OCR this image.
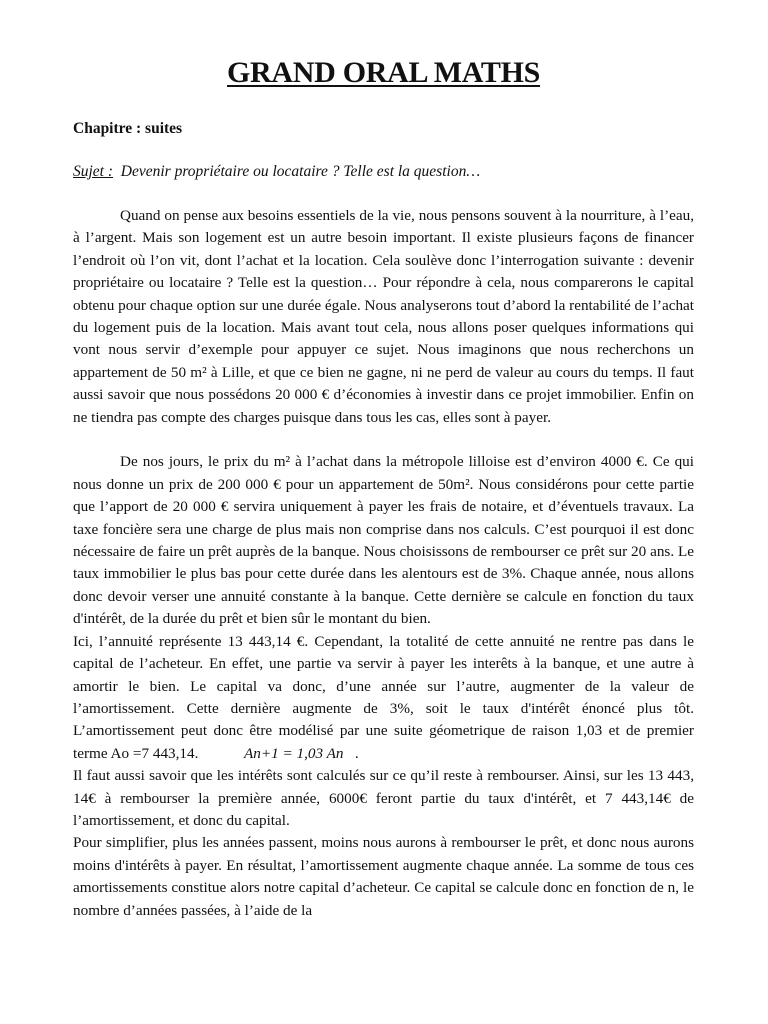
GRAND ORAL MATHS
Chapitre : suites
Sujet : Devenir propriétaire ou locataire ? Telle est la question…

Quand on pense aux besoins essentiels de la vie, nous pensons souvent à la nourriture, à l’eau, à l’argent. Mais son logement est un autre besoin important. Il existe plusieurs façons de financer l’endroit où l’on vit, dont l’achat et la location. Cela soulève donc l’interrogation suivante : devenir propriétaire ou locataire ? Telle est la question… Pour répondre à cela, nous comparerons le capital obtenu pour chaque option sur une durée égale. Nous analyserons tout d’abord la rentabilité de l’achat du logement puis de la location. Mais avant tout cela, nous allons poser quelques informations qui vont nous servir d’exemple pour appuyer ce sujet. Nous imaginons que nous recherchons un appartement de 50 m² à Lille, et que ce bien ne gagne, ni ne perd de valeur au cours du temps. Il faut aussi savoir que nous possédons 20 000 € d’économies à investir dans ce projet immobilier. Enfin on ne tiendra pas compte des charges puisque dans tous les cas, elles sont à payer.

De nos jours, le prix du m² à l’achat dans la métropole lilloise est d’environ 4000 €. Ce qui nous donne un prix de 200 000 € pour un appartement de 50m². Nous considérons pour cette partie que l’apport de 20 000 € servira uniquement à payer les frais de notaire, et d’éventuels travaux. La taxe foncière sera une charge de plus mais non comprise dans nos calculs. C’est pourquoi il est donc nécessaire de faire un prêt auprès de la banque. Nous choisissons de rembourser ce prêt sur 20 ans. Le taux immobilier le plus bas pour cette durée dans les alentours est de 3%. Chaque année, nous allons donc devoir verser une annuité constante à la banque. Cette dernière se calcule en fonction du taux d'intérêt, de la durée du prêt et bien sûr le montant du bien.

Ici, l’annuité représente 13 443,14 €. Cependant, la totalité de cette annuité ne rentre pas dans le capital de l’acheteur. En effet, une partie va servir à payer les interêts à la banque, et une autre à amortir le bien. Le capital va donc, d’une année sur l’autre, augmenter de la valeur de l’amortissement. Cette dernière augmente de 3%, soit le taux d'intérêt énoncé plus tôt. L’amortissement peut donc être modélisé par une suite géometrique de raison 1,03 et de premier terme Ao =7 443,14.	An+1 = 1,03 An .

Il faut aussi savoir que les intérêts sont calculés sur ce qu’il reste à rembourser. Ainsi, sur les 13 443, 14€ à rembourser la première année, 6000€ feront partie du taux d'intérêt, et 7 443,14€ de l’amortissement, et donc du capital.

Pour simplifier, plus les années passent, moins nous aurons à rembourser le prêt, et donc nous aurons moins d'intérêts à payer. En résultat, l’amortissement augmente chaque année. La somme de tous ces amortissements constitue alors notre capital d’acheteur. Ce capital se calcule donc en fonction de n, le nombre d’années passées, à l’aide de la
